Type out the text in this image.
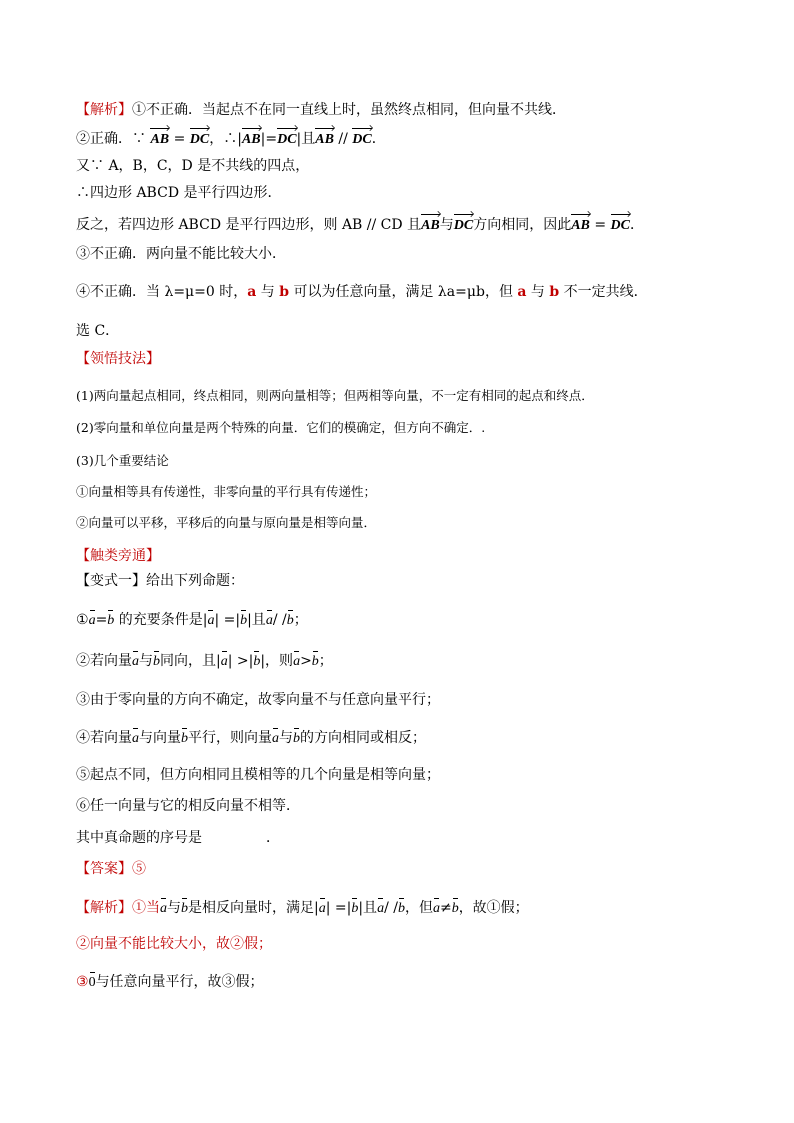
【解析】①不正确．当起点不在同一直线上时，虽然终点相同，但向量不共线．
②正确．∵ AB = DC，∴|AB|=DC|且AB // DC．
又∵ A，B，C，D 是不共线的四点，
∴四边形 ABCD 是平行四边形．
反之，若四边形 ABCD 是平行四边形，则 AB // CD 且AB与DC方向相同，因此AB = DC．
③不正确．两向量不能比较大小．
④不正确．当 λ=μ=0 时，a 与 b 可以为任意向量，满足 λa=μb，但 a 与 b 不一定共线．
选 C．
【领悟技法】
(1)两向量起点相同，终点相同，则两向量相等；但两相等向量，不一定有相同的起点和终点．
(2)零向量和单位向量是两个特殊的向量．它们的模确定，但方向不确定．.
(3)几个重要结论
①向量相等具有传递性，非零向量的平行具有传递性；
②向量可以平移，平移后的向量与原向量是相等向量．
【触类旁通】
【变式一】给出下列命题：
①a=b 的充要条件是|a| =|b|且a/ /b；
②若向量a与b同向，且|a| >|b|，则a>b；
③由于零向量的方向不确定，故零向量不与任意向量平行；
④若向量a与向量b平行，则向量a与b的方向相同或相反；
⑤起点不同，但方向相同且模相等的几个向量是相等向量；
⑥任一向量与它的相反向量不相等．
其中真命题的序号是	．
【答案】⑤
【解析】①当a与b是相反向量时，满足|a| =|b|且a/ /b，但a≠b，故①假；
②向量不能比较大小，故②假；
③0与任意向量平行，故③假；
